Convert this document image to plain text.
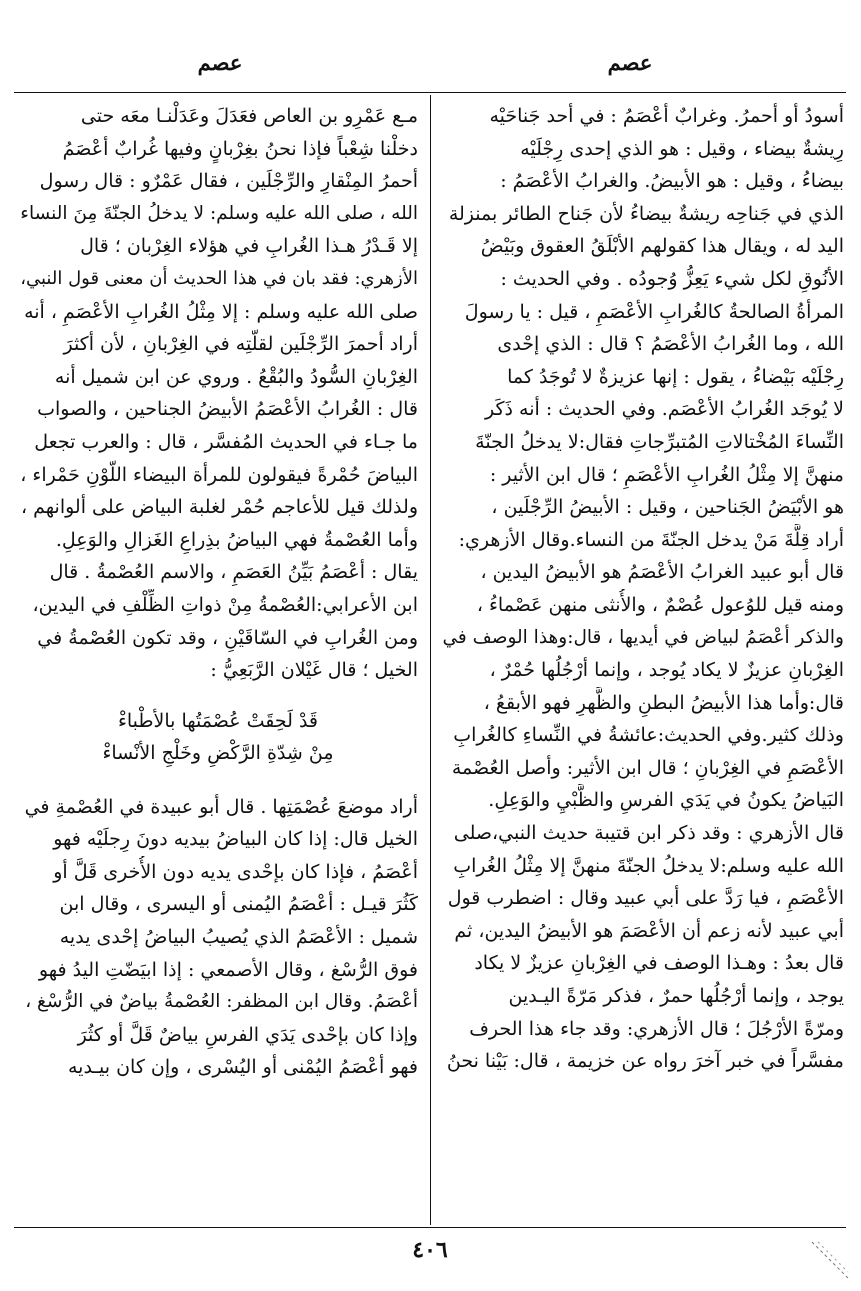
عصم
عصم
أسودُ أو أحمرُ. وغرابٌ أعْصَمُ : في أحد جَناحَيْه
رِيشةٌ بيضاء ، وقيل : هو الذي إحدى رِجْلَيْه
بيضاءُ ، وقيل : هو الأبيضُ. والغرابُ الأعْصَمُ :
الذي في جَناحِه ريشةٌ بيضاءُ لأن جَناح الطائر بمنزلة
اليد له ، ويقال هذا كقولهم الأبْلَقُ العقوق وبَيْضُ
الأنُوقِ لكل شيء يَعِزُّ وُجودُه . وفي الحديث :
المرأةُ الصالحةُ كالغُرابِ الأعْصَمِ ، قيل : يا رسولَ
الله ، وما الغُرابُ الأعْصَمُ ؟ قال : الذي إحْدى
رِجْلَيْه بَيْضاءُ ، يقول : إنها عزيزةٌ لا تُوجَدُ كما
لا يُوجَد الغُرابُ الأعْصَم. وفي الحديث : أنه ذَكَر
النِّساءَ المُخْتالاتِ المُتبرِّجاتِ فقال:لا يدخلُ الجنّةَ
منهنَّ إلا مِثْلُ الغُرابِ الأعْصَمِ ؛ قال ابن الأثير :
هو الأبْيَضُ الجَناحين ، وقيل : الأبيضُ الرِّجْلَين ،
أراد قِلَّةَ مَنْ يدخل الجنّةَ من النساء.وقال الأزهري:
قال أبو عبيد الغرابُ الأعْصَمُ هو الأبيضُ اليدين ،
ومنه قيل للوُعول عُصْمٌ ، والأُنثى منهن عَصْماءُ ،
والذكر أعْصَمُ لبياض في أيديها ، قال:وهذا الوصف في
الغِرْبانِ عزيزٌ لا يكاد يُوجد ، وإنما أرْجُلُها حُمْرٌ ،
قال:وأما هذا الأبيضُ البطنِ والظَّهرِ فهو الأبقعُ ،
وذلك كثير.وفي الحديث:عائشةُ في النِّساءِ كالغُرابِ
الأعْصَمِ في الغِرْبانِ ؛ قال ابن الأثير: وأصل العُصْمة
البَياضُ يكونُ في يَدَي الفرسِ والظَّبْيِ والوَعِلِ.
قال الأزهري : وقد ذكر ابن قتيبة حديث النبي،صلى
الله عليه وسلم:لا يدخلُ الجنّةَ منهنَّ إلا مِثْلُ الغُرابِ
الأعْصَمِ ، فيا رَدَّ على أبي عبيد وقال : اضطرب قول
أبي عبيد لأنه زعم أن الأعْصَمَ هو الأبيضُ اليدين، ثم
قال بعدُ : وهـذا الوصف في الغِرْبانِ عزيزٌ لا يكاد
يوجد ، وإنما أرْجُلُها حمرٌ ، فذكر مَرّةً اليـدين
ومرّةً الأرْجُلَ ؛ قال الأزهري: وقد جاء هذا الحرف
مفسَّراً في خبر آخرَ رواه عن خزيمة ، قال: بَيْنا نحنُ
مـع عَمْرِو بن العاص فعَدَلَ وعَدَلْنـا معَه حتى
دخلْنا شِعْباً فإذا نحنُ بغِرْبانٍ وفيها غُرابٌ أعْصَمُ
أحمرُ المِنْقارِ والرِّجْلَين ، فقال عَمْرٌو : قال رسول
الله ، صلى الله عليه وسلم: لا يدخلُ الجنّةَ مِنَ النساء
إلا قَـدْرُ هـذا الغُرابِ في هؤلاء الغِرْبان ؛ قال
الأزهري: فقد بان في هذا الحديث أن معنى قول النبي،
صلى الله عليه وسلم : إلا مِثْلُ الغُرابِ الأعْصَمِ ، أنه
أراد أحمرَ الرِّجْلَين لقلّتِه في الغِرْبانِ ، لأن أكثرَ
الغِرْبانِ السُّودُ والبُقْعُ . وروي عن ابن شميل أنه
قال : الغُرابُ الأعْصَمُ الأبيضُ الجناحين ، والصواب
ما جـاء في الحديث المُفسَّر ، قال : والعرب تجعل
البياضَ حُمْرةً فيقولون للمرأة البيضاء اللّوْنِ حَمْراء ،
ولذلك قيل للأعاجم حُمْر لغلبة البياض على ألوانهم ،
وأما العُصْمةُ فهي البياضُ بذِراعِ الغَزالِ والوَعِلِ.
يقال : أعْصَمُ بَيِّنُ العَصَمِ ، والاسم العُصْمةُ . قال
ابن الأعرابي:العُصْمةُ مِنْ ذواتِ الظِّلْفِ في اليدين،
ومن الغُرابِ في السّاقَيْنِ ، وقد تكون العُصْمةُ في
الخيل ؛ قال غَيْلان الرَّبَعِيُّ :
قَدْ لَحِقَتْ عُصْمَتُها بالأطْباءْ
مِنْ شِدّةِ الرَّكْضِ وخَلْجِ الأنْساءْ
أراد موضعَ عُصْمَتِها . قال أبو عبيدة في العُصْمةِ في
الخيل قال: إذا كان البياضُ بيديه دونَ رِجلَيْه فهو
أعْصَمُ ، فإذا كان بإحْدى يديه دون الأُخرى قَلَّ أو
كَثُرَ قيـل : أعْصَمُ اليُمنى أو اليسرى ، وقال ابن
شميل : الأعْصَمُ الذي يُصيبُ البياضُ إحْدى يديه
فوق الرُّسْغ ، وقال الأصمعي : إذا ابيَضّتِ اليدُ فهو
أعْصَمُ. وقال ابن المظفر: العُصْمةُ بياضٌ في الرُّسْغ ،
وإذا كان بإحْدى يَدَي الفرسِ بياضٌ قَلَّ أو كثُرَ
فهو أعْصَمُ اليُمْنى أو اليُسْرى ، وإن كان بيـديه
٤٠٦
